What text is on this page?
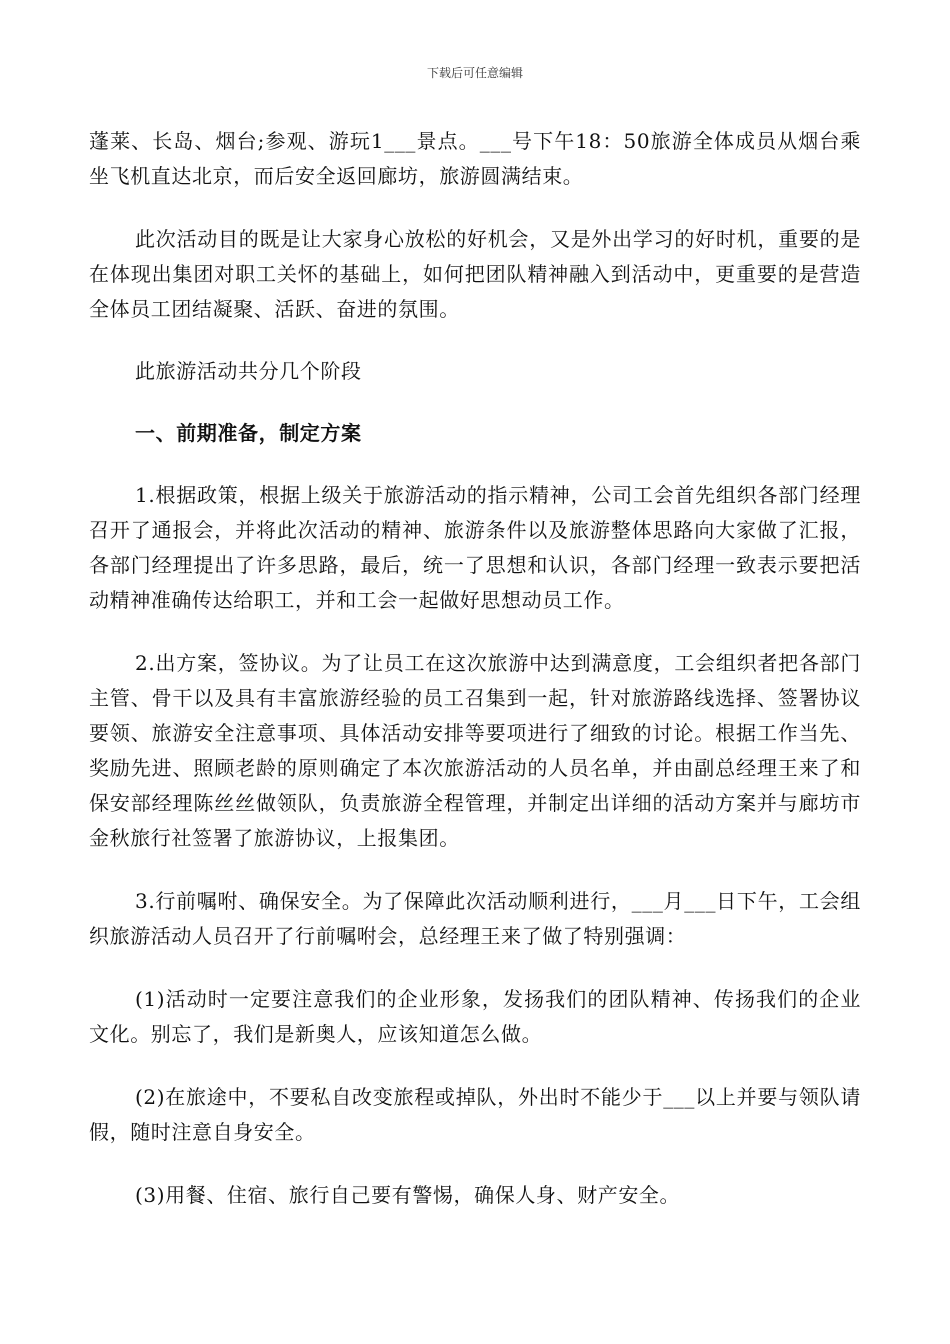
下载后可任意编辑

蓬莱、长岛、烟台;参观、游玩1___景点。___号下午18：50旅游全体成员从烟台乘坐飞机直达北京，而后安全返回廊坊，旅游圆满结束。

此次活动目的既是让大家身心放松的好机会，又是外出学习的好时机，重要的是在体现出集团对职工关怀的基础上，如何把团队精神融入到活动中，更重要的是营造全体员工团结凝聚、活跃、奋进的氛围。

此旅游活动共分几个阶段

一、前期准备，制定方案

1.根据政策，根据上级关于旅游活动的指示精神，公司工会首先组织各部门经理召开了通报会，并将此次活动的精神、旅游条件以及旅游整体思路向大家做了汇报，各部门经理提出了许多思路，最后，统一了思想和认识，各部门经理一致表示要把活动精神准确传达给职工，并和工会一起做好思想动员工作。

2.出方案，签协议。为了让员工在这次旅游中达到满意度，工会组织者把各部门主管、骨干以及具有丰富旅游经验的员工召集到一起，针对旅游路线选择、签署协议要领、旅游安全注意事项、具体活动安排等要项进行了细致的讨论。根据工作当先、奖励先进、照顾老龄的原则确定了本次旅游活动的人员名单，并由副总经理王来了和保安部经理陈丝丝做领队，负责旅游全程管理，并制定出详细的活动方案并与廊坊市金秋旅行社签署了旅游协议，上报集团。

3.行前嘱咐、确保安全。为了保障此次活动顺利进行，___月___日下午，工会组织旅游活动人员召开了行前嘱咐会，总经理王来了做了特别强调：

(1)活动时一定要注意我们的企业形象，发扬我们的团队精神、传扬我们的企业文化。别忘了，我们是新奥人，应该知道怎么做。

(2)在旅途中，不要私自改变旅程或掉队，外出时不能少于___以上并要与领队请假，随时注意自身安全。

(3)用餐、住宿、旅行自己要有警惕，确保人身、财产安全。
